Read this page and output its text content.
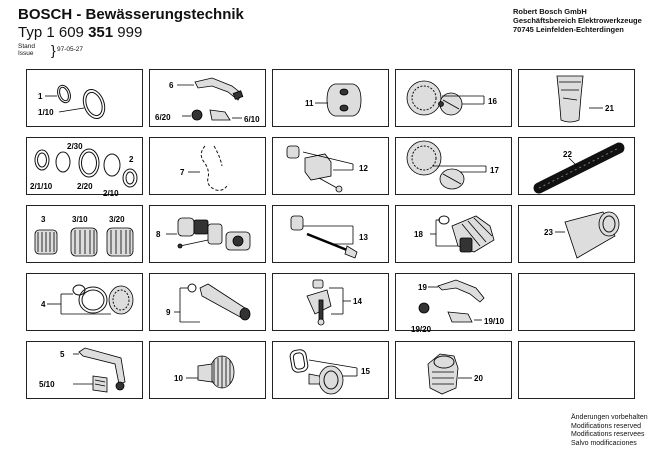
BOSCH - Bewässerungstechnik
Typ 1 609 351 999
Stand
Issue } 97-05-27
Robert Bosch GmbH
Geschäftsbereich Elektrowerkzeuge
70745 Leinfelden-Echterdingen
1
1/10
6
6/20	6/10
11	16
21
2/30
2
2/1/10	2/20
2/10
7	12	17
22
3	3/10	3/20
8	13	18	23
4
9
14
19
19/20
19/10
5
5/10
10
15
20
Änderungen vorbehalten
Modifications reserved
Modifications reservees
Salvo modificaciones
